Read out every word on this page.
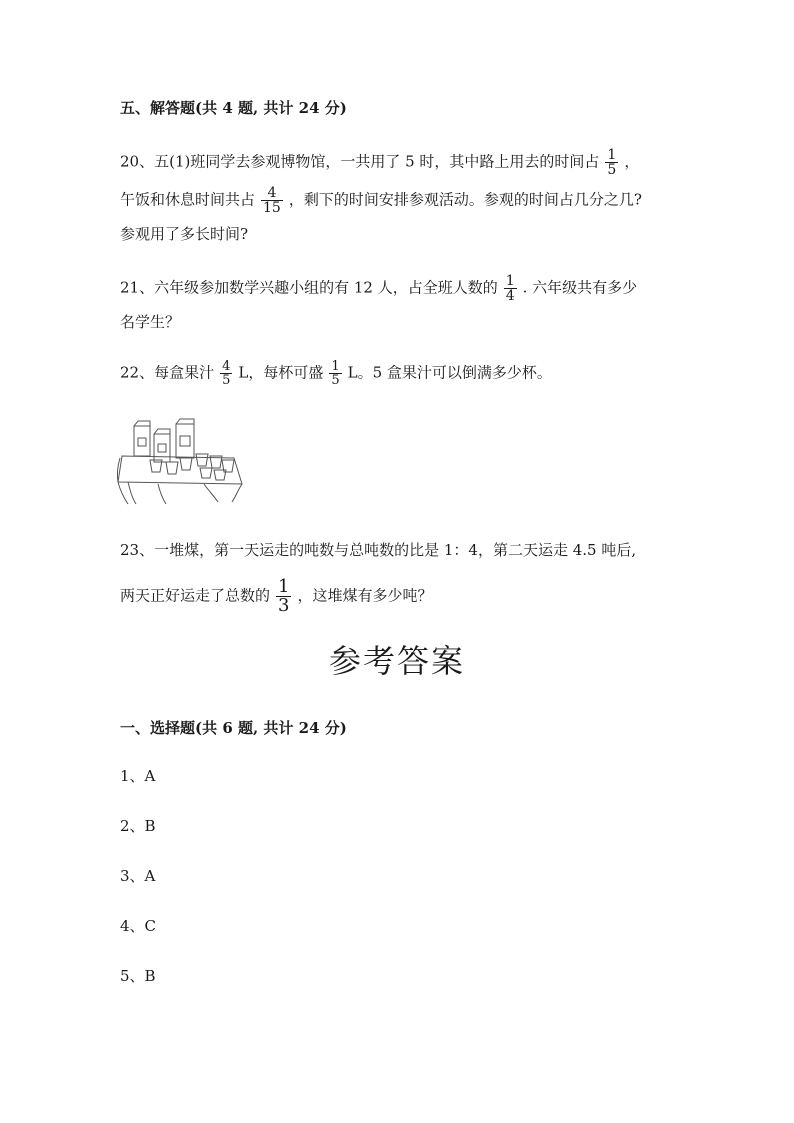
五、解答题(共 4 题, 共计 24 分)
20、五(1)班同学去参观博物馆，一共用了 5 时，其中路上用去的时间占 $\frac{1}{5}$ ，
午饭和休息时间共占 $\frac{4}{15}$ ，剩下的时间安排参观活动。参观的时间占几分之几?
参观用了多长时间?
21、六年级参加数学兴趣小组的有 12 人，占全班人数的 $\frac{1}{4}$ . 六年级共有多少
名学生？
22、每盒果汁 $\frac{4}{5}$ L，每杯可盛 $\frac{1}{5}$ L。5 盒果汁可以倒满多少杯。
23、一堆煤，第一天运走的吨数与总吨数的比是 1：4，第二天运走 4.5 吨后,
两天正好运走了总数的 $\frac{1}{3}$ ，这堆煤有多少吨？
参考答案
一、选择题(共 6 题, 共计 24 分)
1、A
2、B
3、A
4、C
5、B
